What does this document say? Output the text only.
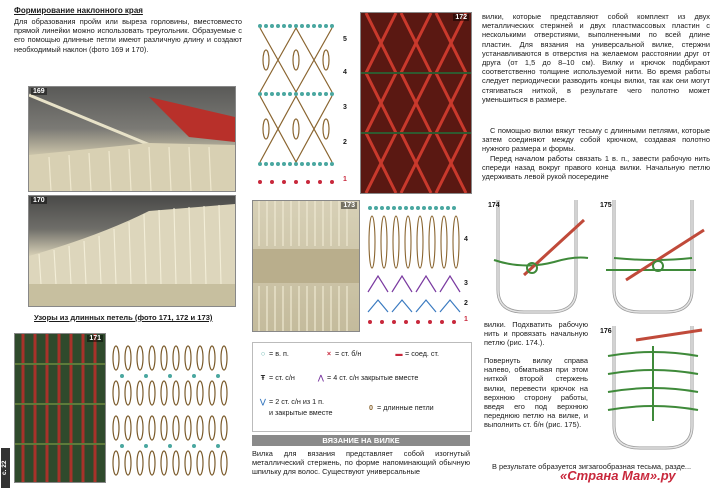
с. 22
Формирование наклонного края
Для образования пройм или выреза горловины, вместовместо прямой линейки можно использовать треугольник. Образуемые с его помощью длинные петли имеют различную длину и создают необходимый наклон (фото 169 и 170).
169
170
Узоры из длинных петель (фото 171, 172 и 173)
171
5
4
3
2
1
172
173
4
3
2
1
○ = в. п.	× = ст. б/н	▬ = соед. ст.
Ŧ = ст. с/н	⋀ = 4 ст. с/н закрытые вместе
⋁ = 2 ст. с/н из 1 п.
и закрытые вместе
0 = длинные петли
ВЯЗАНИЕ НА ВИЛКЕ
Вилка для вязания представляет собой изогнутый металлический стержень, по форме напоминающий обычную шпильку для волос. Существуют универсальные
вилки, которые представляют собой комплект из двух металлических стержней и двух пластмассовых пластин с несколькими отверстиями, выполненными по всей длине пластин. Для вязания на универсальной вилке, стержни устанавливаются в отверстия на желаемом расстоянии друг от друга (от 1,5 до 8–10 см). Вилку и крючок подбирают соответственно толщине используемой нити. Во время работы следует периодически разводить концы вилки, так как они могут стягиваться ниткой, в результате чего полотно может уменьшиться в размере.
С помощью вилки вяжут тесьму с длинными петлями, которые затем соединяют между собой крючком, создавая полотно нужного размера и формы.
Перед началом работы связать 1 в. п., завести рабочую нить спереди назад вокруг правого конца вилки. Начальную петлю удерживать левой рукой посередине
174	175
вилки. Подхватить рабочую нить и провязать начальную петлю (рис. 174.).
Повернуть вилку справа налево, обматывая при этом ниткой второй стержень вилки, перевести крючок на верхнюю сторону работы, введя его под верхнюю переднюю петлю на вилке, и выполнить ст. б/н (рис. 175).
176
В результате образуется зигзагообразная тесьма, разде...
«Страна Мам».ру
